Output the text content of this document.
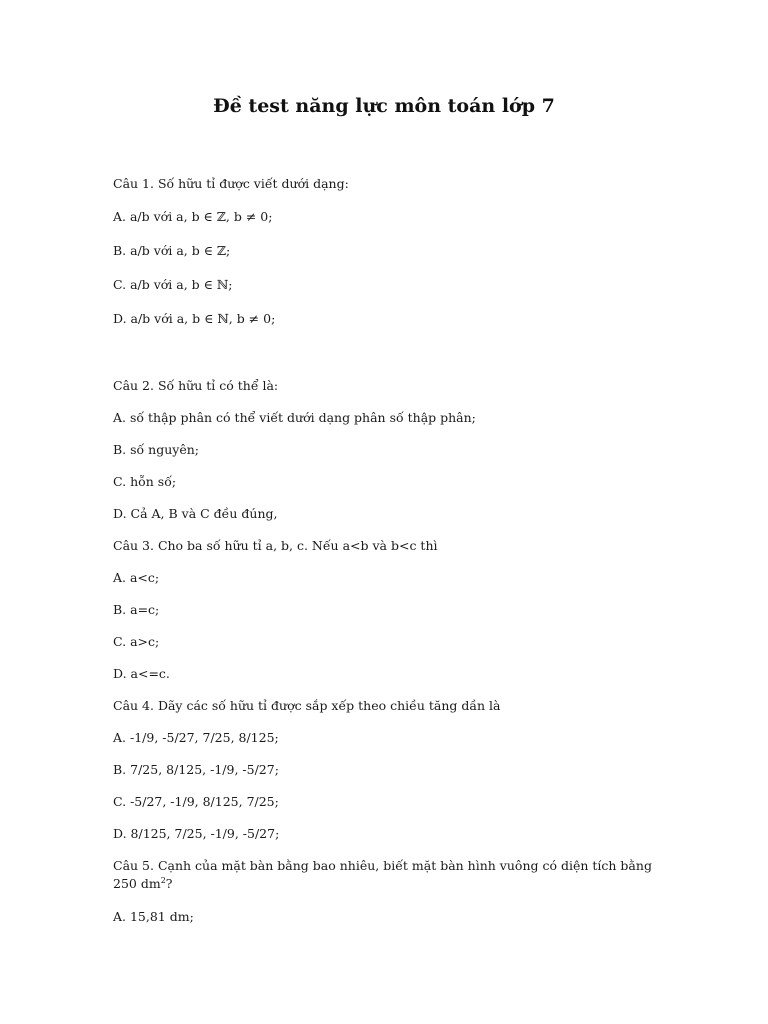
Đề test năng lực môn toán lớp 7
Câu 1. Số hữu tỉ được viết dưới dạng:
A. a/b với a, b ∈ ℤ, b ≠ 0;
B. a/b với a, b ∈ ℤ;
C. a/b với a, b ∈ ℕ;
D. a/b với a, b ∈ ℕ, b ≠ 0;
Câu 2. Số hữu tỉ có thể là:
A. số thập phân có thể viết dưới dạng phân số thập phân;
B. số nguyên;
C. hỗn số;
D. Cả A, B và C đều đúng,
Câu 3. Cho ba số hữu tỉ a, b, c. Nếu a<b và b<c thì
A. a<c;
B. a=c;
C. a>c;
D. a<=c.
Câu 4. Dãy các số hữu tỉ được sắp xếp theo chiều tăng dần là
A. -1/9, -5/27, 7/25, 8/125;
B. 7/25, 8/125, -1/9, -5/27;
C. -5/27, -1/9, 8/125, 7/25;
D. 8/125, 7/25, -1/9, -5/27;
Câu 5. Cạnh của mặt bàn bằng bao nhiêu, biết mặt bàn hình vuông có diện tích bằng 250 $dm^2$?
A. 15,81 dm;
